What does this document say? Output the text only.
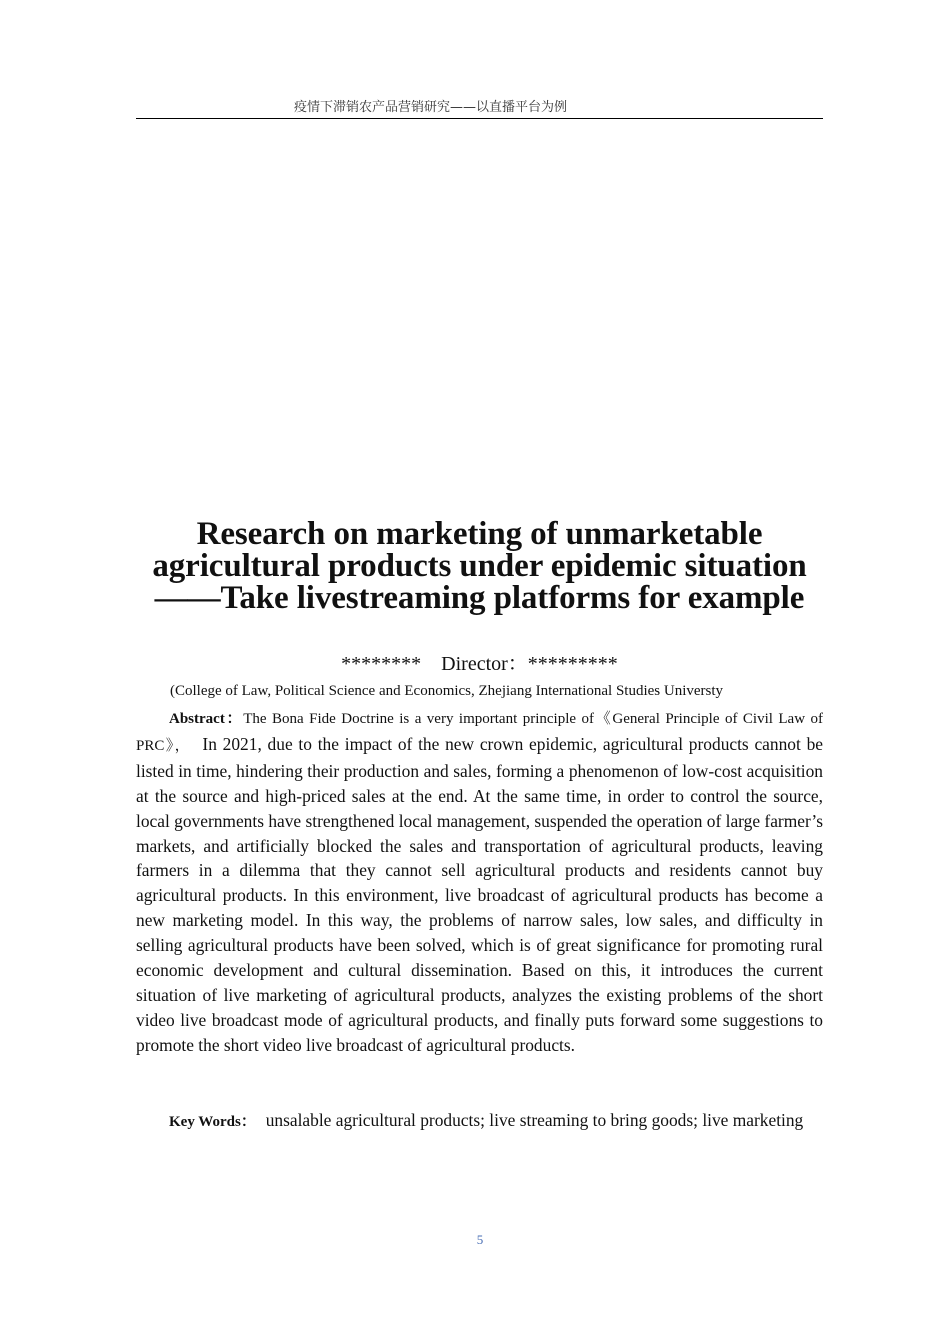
疫情下滞销农产品营销研究——以直播平台为例
Research on marketing of unmarketable agricultural products under epidemic situation——Take livestreaming platforms for example
********　Director：*********
(College of Law, Political Science and Economics, Zhejiang International Studies Universty

Abstract：The Bona Fide Doctrine is a very important principle of《General Principle of Civil Law of PRC》，　In 2021, due to the impact of the new crown epidemic, agricultural products cannot be listed in time, hindering their production and sales, forming a phenomenon of low-cost acquisition at the source and high-priced sales at the end. At the same time, in order to control the source, local governments have strengthened local management, suspended the operation of large farmer’s markets, and artificially blocked the sales and transportation of agricultural products, leaving farmers in a dilemma that they cannot sell agricultural products and residents cannot buy agricultural products. In this environment, live broadcast of agricultural products has become a new marketing model. In this way, the problems of narrow sales, low sales, and difficulty in selling agricultural products have been solved, which is of great significance for promoting rural economic development and cultural dissemination. Based on this, it introduces the current situation of live marketing of agricultural products, analyzes the existing problems of the short video live broadcast mode of agricultural products, and finally puts forward some suggestions to promote the short video live broadcast of agricultural products.

Key Words：　unsalable agricultural products; live streaming to bring goods; live marketing

5
